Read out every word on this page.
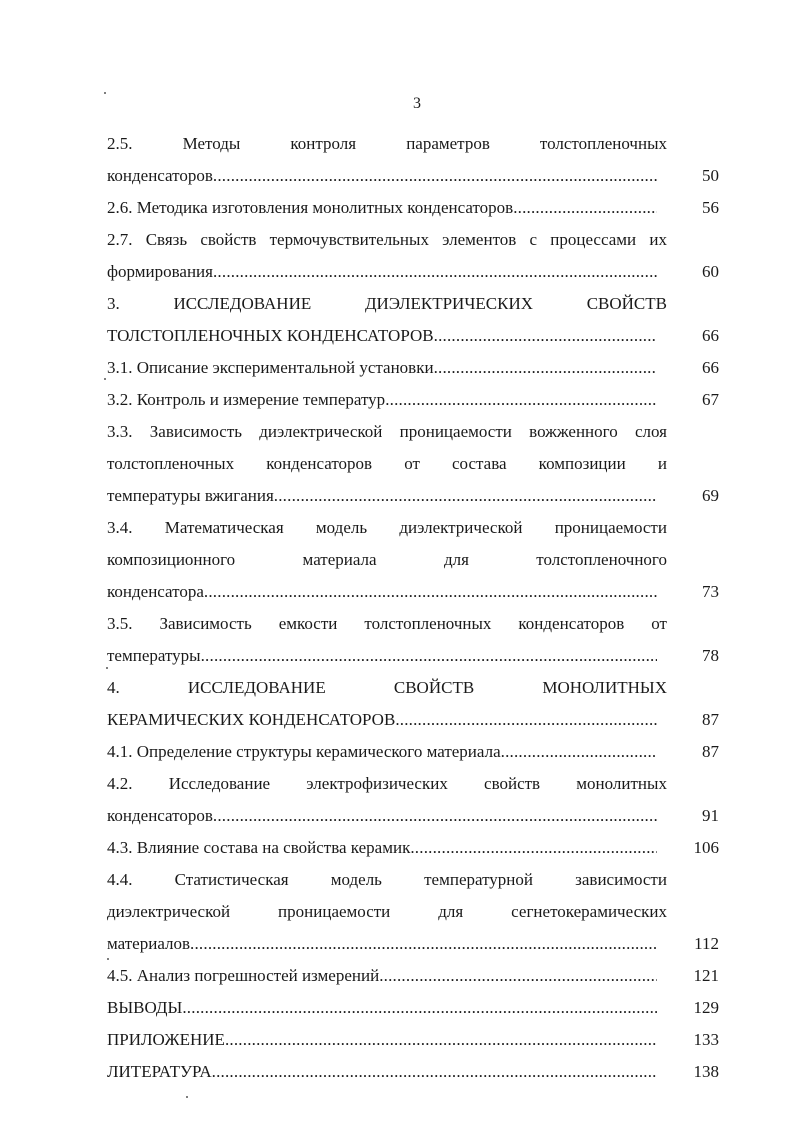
3
2.5.	Методы	контроля	параметров	толстопленочных
конденсаторов .....	50
2.6. Методика изготовления монолитных конденсаторов .....	56
2.7. Связь свойств термочувствительных элементов с процессами их
формирования .....	60
3.	ИССЛЕДОВАНИЕ	ДИЭЛЕКТРИЧЕСКИХ	СВОЙСТВ
ТОЛСТОПЛЕНОЧНЫХ КОНДЕНСАТОРОВ .....	66
3.1. Описание экспериментальной установки .....	66
3.2. Контроль и измерение температур .....	67
3.3. Зависимость диэлектрической проницаемости вожженного слоя
толстопленочных конденсаторов от состава композиции и
температуры вжигания .....	69
3.4. Математическая модель диэлектрической проницаемости
композиционного	материала	для	толстопленочного
конденсатора .....	73
3.5. Зависимость емкости толстопленочных конденсаторов от
температуры .....	78
4.	ИССЛЕДОВАНИЕ	СВОЙСТВ	МОНОЛИТНЫХ
КЕРАМИЧЕСКИХ КОНДЕНСАТОРОВ .....	87
4.1. Определение структуры керамического материала .....	87
4.2. Исследование электрофизических свойств монолитных
конденсаторов .....	91
4.3. Влияние состава на свойства керамик .....	106
4.4. Статистическая модель температурной зависимости
диэлектрической	проницаемости	для	сегнетокерамических
материалов .....	112
4.5. Анализ погрешностей измерений .....	121
ВЫВОДЫ .....	129
ПРИЛОЖЕНИЕ .....	133
ЛИТЕРАТУРА .....	138
